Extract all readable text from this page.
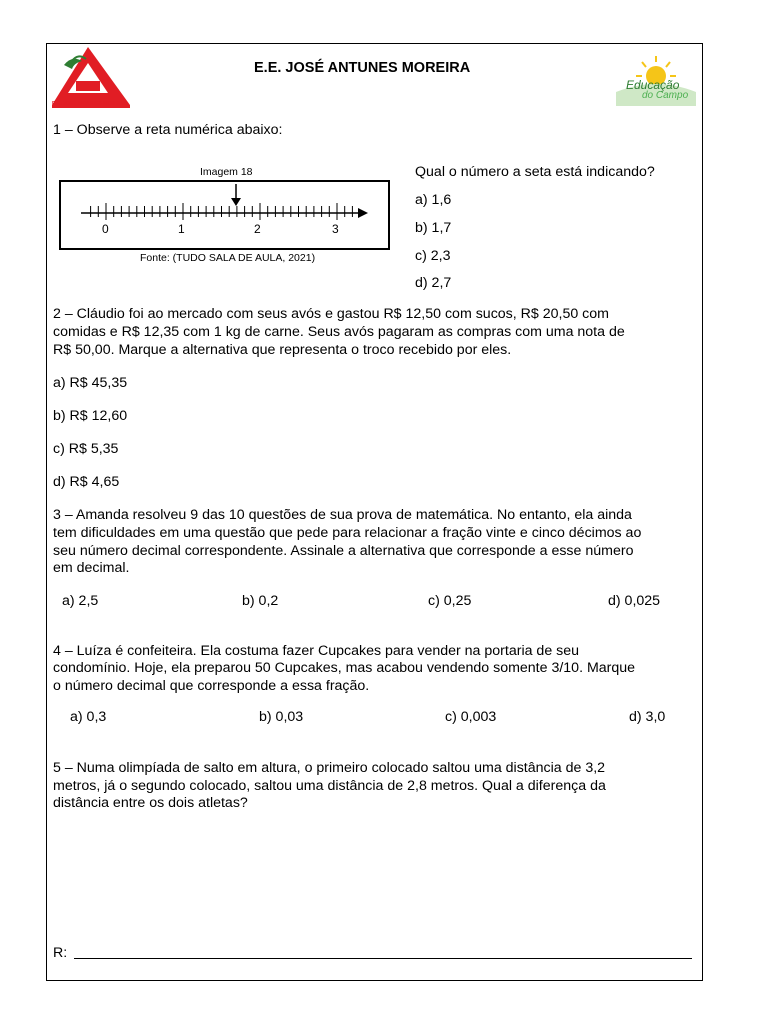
E.E. JOSÉ ANTUNES MOREIRA
E.E. JOSÉ ANTUNES MOREIRA
Educação
do Campo
1 – Observe a reta numérica abaixo:
Imagem 18
0	1	2	3
Fonte: (TUDO SALA DE AULA, 2021)
Qual o número a seta está indicando?
a) 1,6
b) 1,7
c) 2,3
d) 2,7
2 – Cláudio foi ao mercado com seus avós e gastou R$ 12,50 com sucos, R$ 20,50 com
comidas e R$ 12,35 com 1 kg de carne. Seus avós pagaram as compras com uma nota de
R$ 50,00. Marque a alternativa que representa o troco recebido por eles.
a) R$ 45,35
b) R$ 12,60
c) R$ 5,35
d) R$ 4,65
3 – Amanda resolveu 9 das 10 questões de sua prova de matemática. No entanto, ela ainda
tem dificuldades em uma questão que pede para relacionar a fração vinte e cinco décimos ao
seu número decimal correspondente. Assinale a alternativa que corresponde a esse número
em decimal.
a) 2,5	b) 0,2	c) 0,25	d) 0,025
4 – Luíza é confeiteira. Ela costuma fazer Cupcakes para vender na portaria de seu
condomínio. Hoje, ela preparou 50 Cupcakes, mas acabou vendendo somente 3/10. Marque
o número decimal que corresponde a essa fração.
a) 0,3	b) 0,03	c) 0,003	d) 3,0
5 – Numa olimpíada de salto em altura, o primeiro colocado saltou uma distância de 3,2
metros, já o segundo colocado, saltou uma distância de 2,8 metros. Qual a diferença da
distância entre os dois atletas?
R:
